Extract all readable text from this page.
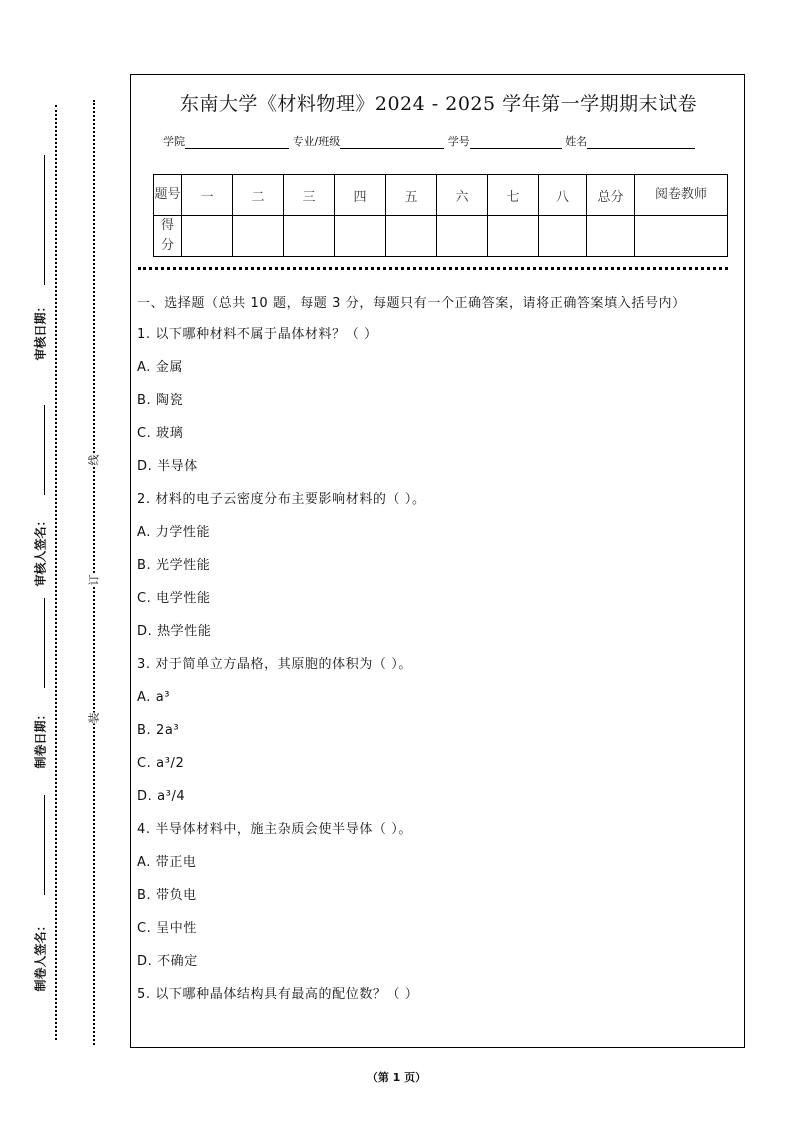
审核日期：
审核人签名：
制卷日期：
制卷人签名：
线
订
装
东南大学《材料物理》2024 - 2025 学年第一学期期末试卷
学院	专业/班级	学号	姓名
题号	一	二	三	四	五	六	七	八	总分	阅卷教师
得分										
一、选择题（总共 10 题，每题 3 分，每题只有一个正确答案，请将正确答案填入括号内）
1. 以下哪种材料不属于晶体材料？（ ）
A. 金属
B. 陶瓷
C. 玻璃
D. 半导体
2. 材料的电子云密度分布主要影响材料的（ ）。
A. 力学性能
B. 光学性能
C. 电学性能
D. 热学性能
3. 对于简单立方晶格，其原胞的体积为（ ）。
A. a³
B. 2a³
C. a³/2
D. a³/4
4. 半导体材料中，施主杂质会使半导体（ ）。
A. 带正电
B. 带负电
C. 呈中性
D. 不确定
5. 以下哪种晶体结构具有最高的配位数？（ ）
（第 1 页）
